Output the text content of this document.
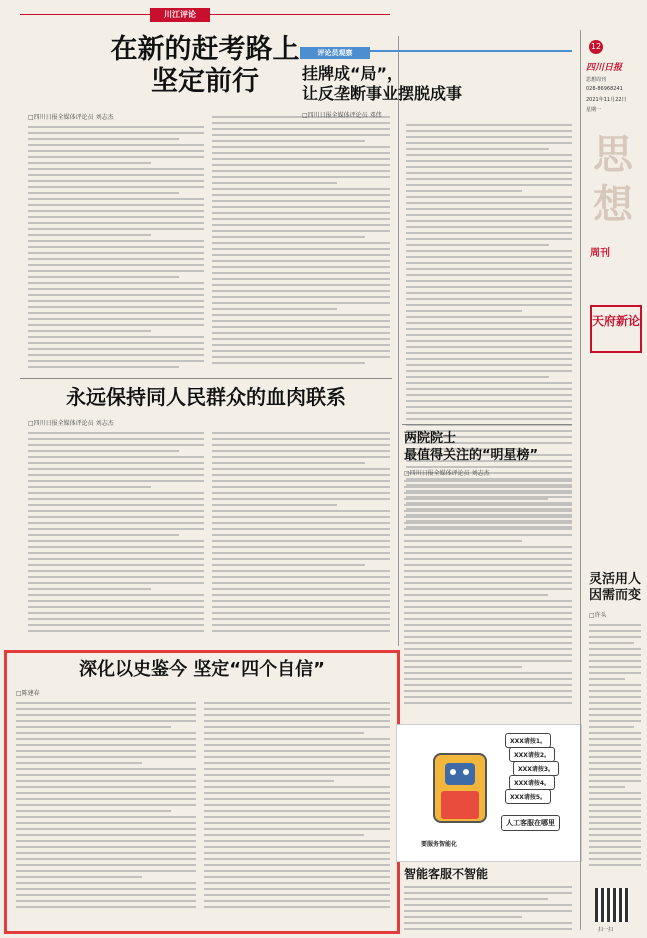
川江评论
在新的赶考路上
坚定前行
□四川日报全媒体评论员 刘志杰
永远保持同人民群众的血肉联系
□四川日报全媒体评论员 刘志杰
深化以史鉴今 坚定“四个自信”
□陈建春
评论员观察
挂牌成“局”，
让反垄断事业摆脱成事
□四川日报全媒体评论员 邓伟
两院院士
最值得关注的“明星榜”
□四川日报全媒体评论员 刘志杰
XXX请按1。
XXX请按2。
XXX请按3。
XXX请按4。
XXX请按5。
人工客服在哪里
要服务智能化
智能客服不智能
12
四川日报
思想周刊
028-86968241
2021年11月22日
星期一
思想
周刊
天府新论
灵活用人
因需而变
□许头
扫一扫
